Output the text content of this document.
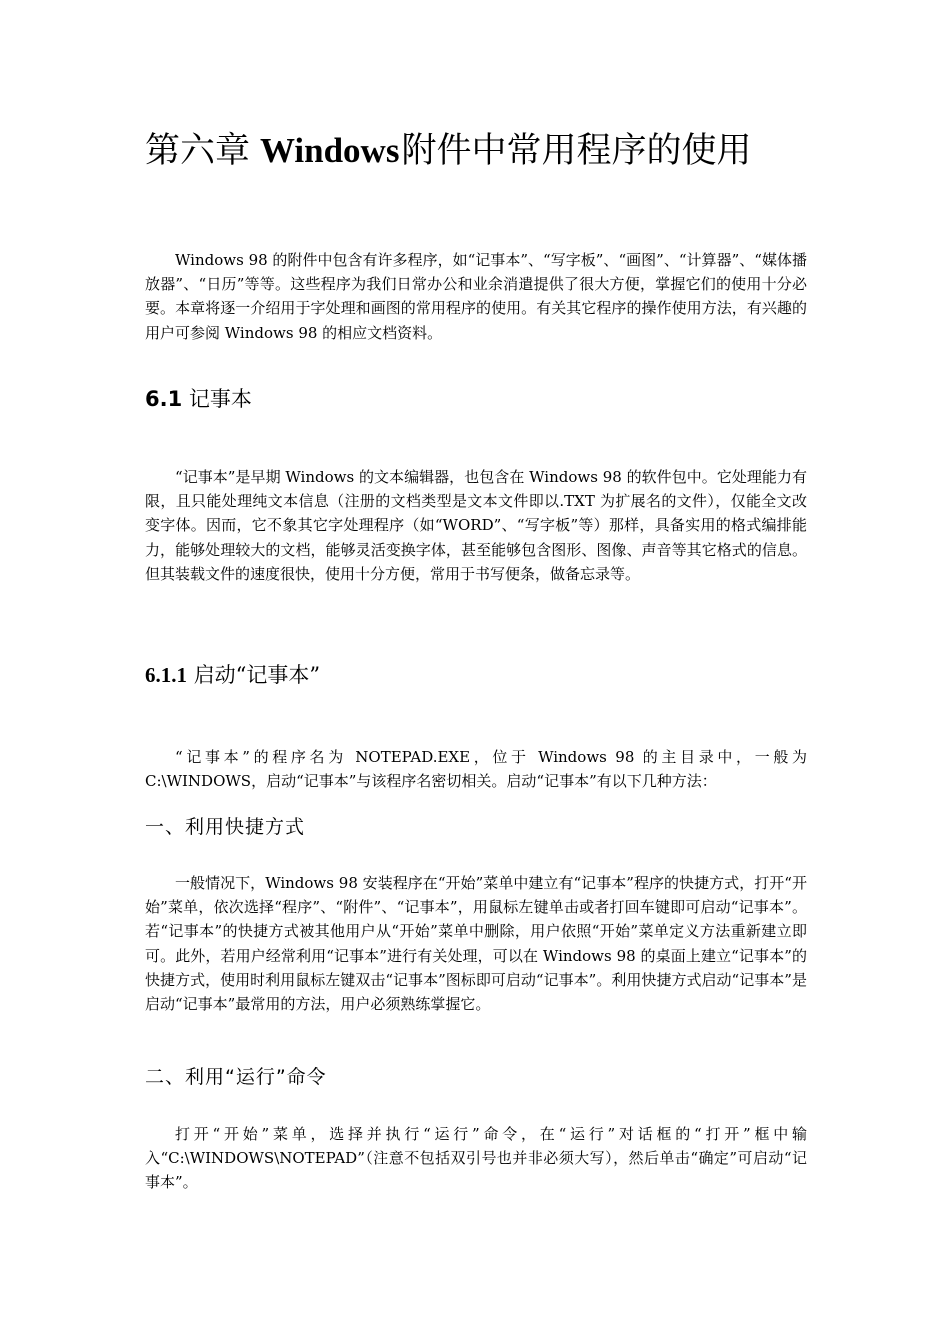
第六章 Windows附件中常用程序的使用

Windows 98 的附件中包含有许多程序，如“记事本”、“写字板”、“画图”、“计算器”、“媒体播放器”、“日历”等等。这些程序为我们日常办公和业余消遣提供了很大方便，掌握它们的使用十分必要。本章将逐一介绍用于字处理和画图的常用程序的使用。有关其它程序的操作使用方法，有兴趣的用户可参阅 Windows 98 的相应文档资料。

6.1 记事本

“记事本”是早期 Windows 的文本编辑器，也包含在 Windows 98 的软件包中。它处理能力有限，且只能处理纯文本信息（注册的文档类型是文本文件即以.TXT 为扩展名的文件），仅能全文改变字体。因而，它不象其它字处理程序（如“WORD”、“写字板”等）那样，具备实用的格式编排能力，能够处理较大的文档，能够灵活变换字体，甚至能够包含图形、图像、声音等其它格式的信息。但其装载文件的速度很快，使用十分方便，常用于书写便条，做备忘录等。

6.1.1 启动“记事本”

“记事本”的程序名为 NOTEPAD.EXE，位于 Windows 98 的主目录中，一般为 C:\WINDOWS，启动“记事本”与该程序名密切相关。启动“记事本”有以下几种方法：

一、利用快捷方式

一般情况下，Windows 98 安装程序在“开始”菜单中建立有“记事本”程序的快捷方式，打开“开始”菜单，依次选择“程序”、“附件”、“记事本”，用鼠标左键单击或者打回车键即可启动“记事本”。若“记事本”的快捷方式被其他用户从“开始”菜单中删除，用户依照“开始”菜单定义方法重新建立即可。此外，若用户经常利用“记事本”进行有关处理，可以在 Windows 98 的桌面上建立“记事本”的快捷方式，使用时利用鼠标左键双击“记事本”图标即可启动“记事本”。利用快捷方式启动“记事本”是启动“记事本”最常用的方法，用户必须熟练掌握它。

二、利用“运行”命令

打开“开始”菜单，选择并执行“运行”命令，在“运行”对话框的“打开”框中输入“C:\WINDOWS\NOTEPAD”（注意不包括双引号也并非必须大写），然后单击“确定”可启动“记事本”。
